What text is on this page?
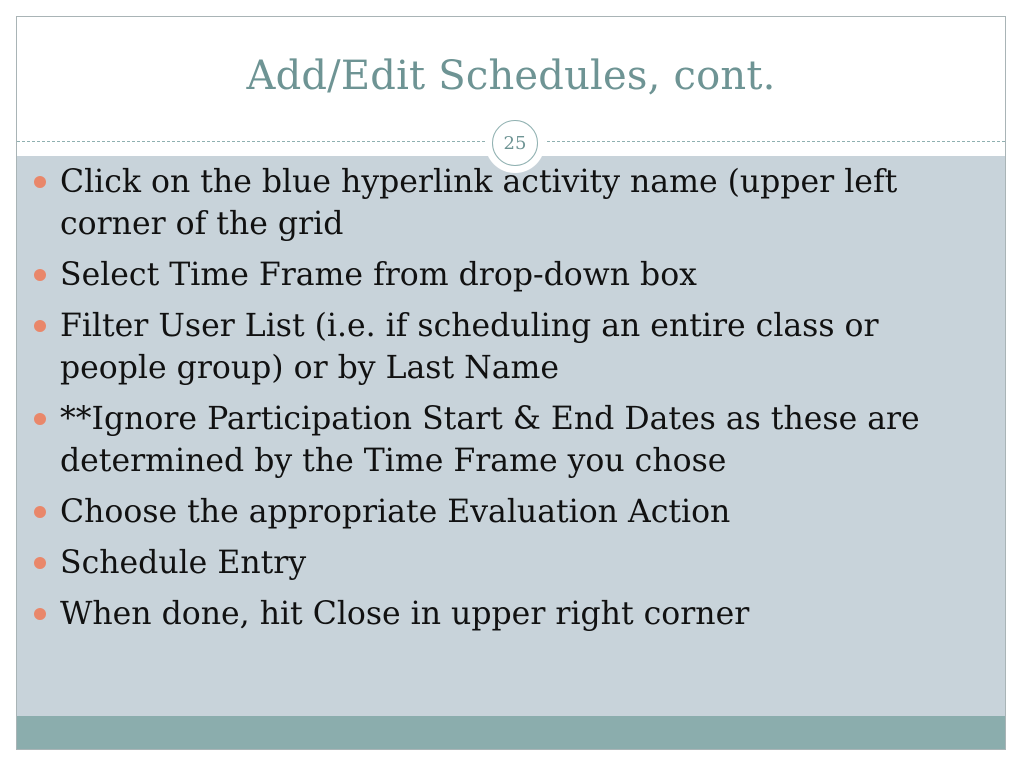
Add/Edit Schedules, cont.
25
Click on the blue hyperlink activity name (upper left corner of the grid
Select Time Frame from drop-down box
Filter User List (i.e. if scheduling an entire class or people group) or by Last Name
**Ignore Participation Start & End Dates as these are determined by the Time Frame you chose
Choose the appropriate Evaluation Action
Schedule Entry
When done, hit Close in upper right corner
